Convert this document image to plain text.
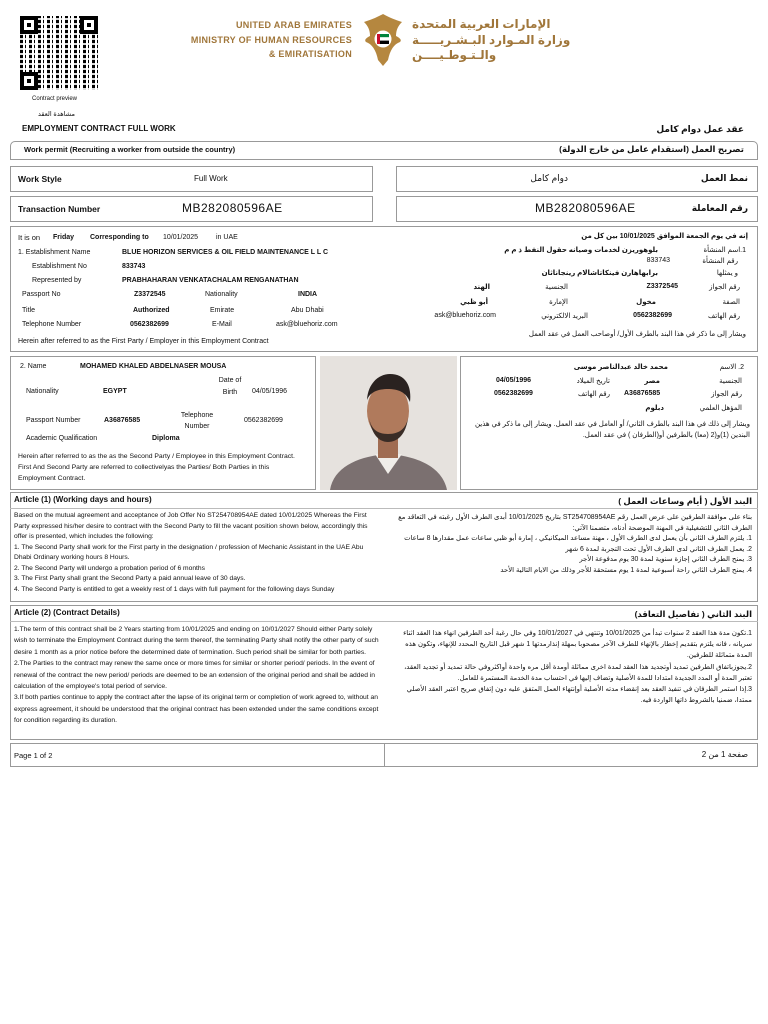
Contract preview
مشاهدة العقد
UNITED ARAB EMIRATES
MINISTRY OF HUMAN RESOURCES
& EMIRATISATION
الإمارات العربية المتحدة
وزارة المـوارد البـشـريـــــة
والـتـوطـيــــن
EMPLOYMENT CONTRACT FULL WORK	عقد عمل دوام كامل
Work permit (Recruiting a worker from outside the country)	تصريح العمل (استقدام عامل من خارج الدولة)
Work Style	Full Work	دوام كامل	نمط العمل
Transaction Number	MB282080596AE	MB282080596AE	رقم المعاملة
It is on Friday Corresponding to 10/01/2025	in UAE	إنه في يوم الجمعة الموافق 10/01/2025 بين كل من
1. Establishment Name	BLUE HORIZON SERVICES & OIL FIELD MAINTENANCE L L C
Establishment No	833743
Represented by	PRABHAHARAN VENKATACHALAM RENGANATHAN
Passport No	Z3372545	Nationality	INDIA
Title	Authorized	Emirate	Abu Dhabi
Telephone Number	0562382699	E-Mail	ask@bluehoriz.com
Herein after referred to as the First Party / Employer in this Employment Contract
1.اسم المنشأة
بلوهوريزن لخدمات وصيانه حقول النفط ذ م م
رقم المنشأة
833743
و يمثلها
برابهاهارن فينكاتاشالام رينجاناثان
رقم الجواز
Z3372545
الجنسية
الهند
الصفة
مخول
الإمارة
أبو ظبي
رقم الهاتف
0562382699
البريد الالكتروني
ask@bluehoriz.com
ويشار إلى ما ذكر في هذا البند بالطرف الأول/ أوصاحب العمل في عقد العمل
2. Name	MOHAMED KHALED ABDELNASER MOUSA
Nationality	EGYPT
Date of Birth	04/05/1996
Passport Number	A36876585
Telephone Number
0562382699
Academic Qualification	Diploma
Herein after referred to as the as the Second Party / Employee in this Employment Contract. First And Second Party are referred to collectivelyas the Parties/ Both Parties in this Employment Contract.
2. الاسم
محمد خالد عبدالناصر موسى
الجنسية
مصر
تاريخ الميلاد
04/05/1996
رقم الجواز
A36876585
رقم الهاتف
0562382699
المؤهل العلمي
دبلوم
ويشار إلى ذلك في هذا البند بالطرف الثاني/ أو العامل في عقد العمل. ويشار إلى ما ذكر في هذين البندين (1)و(2 (معا) بالطرفين أو(الطرفان ) في عقد العمل.
Article (1) (Working days and hours)	البند الأول ( أيام وساعات العمل )
Based on the mutual agreement and acceptance of Job Offer No ST254708954AE dated 10/01/2025 Whereas the First Party expressed his/her desire to contract with the Second Party to fill the vacant position shown below, accordingly this offer is presented, which includes the following:
1. The Second Party shall work for the First party in the designation / profession of Mechanic Assistant in the UAE Abu Dhabi Ordinary working hours 8 Hours.
2. The Second Party will undergo a probation period of 6 months
3. The First Party shall grant the Second Party a paid annual leave of 30 days.
4. The Second Party is entitled to get a weekly rest of 1 days with full payment for the following days Sunday
بناء على موافقة الطرفين على عرض العمل رقم ST254708954AE بتاريخ 10/01/2025 أبدى الطرف الأول رغبته في التعاقد مع الطرف الثاني للتشغيلية في المهنة الموضحة أدناه، متضمنا الآتي:
1. يلتزم الطرف الثاني بأن يعمل لدى الطرف الأول ، مهنة مساعد الميكانيكي ، إمارة أبو ظبي ساعات عمل مقدارها 8 ساعات
2. يعمل الطرف الثاني لدى الطرف الأول تحت التجربة لمدة 6 شهر
3. يمنح الطرف الثاني إجازة سنوية لمدة 30 يوم مدفوعة الأجر
4. يمنح الطرف الثاني راحة أسبوعية لمدة 1 يوم مستحقة للأجر وذلك من الايام التالية الأحد
Article (2) (Contract Details)	البند الثاني ( تفاصيل التعاقد)
1.The term of this contract shall be 2 Years starting from 10/01/2025 and ending on 10/01/2027 Should either Party solely wish to terminate the Employment Contract during the term thereof, the terminating Party shall notify the other party of such desire 1 month as a prior notice before the determined date of termination. Such period shall be similar for both parties.
2.The Parties to the contract may renew the same once or more times for similar or shorter period/ periods. In the event of renewal of the contract the new period/ periods are deemed to be an extension of the original period and shall be added in calculation of the employee's total period of service.
3.If both parties continue to apply the contract after the lapse of its original term or completion of work agreed to, without an express agreement, it should be understood that the original contract has been extended under the same conditions except for condition regarding its duration.
1.تكون مدة هذا العقد 2 سنوات تبدأ من 10/01/2025 وتنتهي في 10/01/2027 وفي حال رغبة أحد الطرفين انهاء هذا العقد اثناء سريانه ، فانه يلتزم بتقديم إخطار بالإنهاء للطرف الآخر مصحوبا بمهلة إنذارمدتها 1 شهر قبل التاريخ المحدد للإنهاء، وتكون هذه المدة متماثلة للطرفين.
2.يجوزباتفاق الطرفين تمديد أوتجديد هذا العقد لمدة اخرى مماثلة أومدة أقل مره واحدة أواكثروفي حالة تمديد أو تجديد العقد، تعتبر المدة أو المدد الجديدة امتدادا للمدة الأصلية وتضاف إليها في احتساب مدة الخدمة المستمرة للعامل.
3.إذا استمر الطرفان في تنفيذ العقد بعد إنقضاء مدته الأصلية أوإنتهاء العمل المتفق عليه دون إتفاق صريح اعتبر العقد الأصلي ممتدا، ضمنيا بالشروط ذاتها الواردة فيه.
Page 1 of 2	صفحة 1 من 2
